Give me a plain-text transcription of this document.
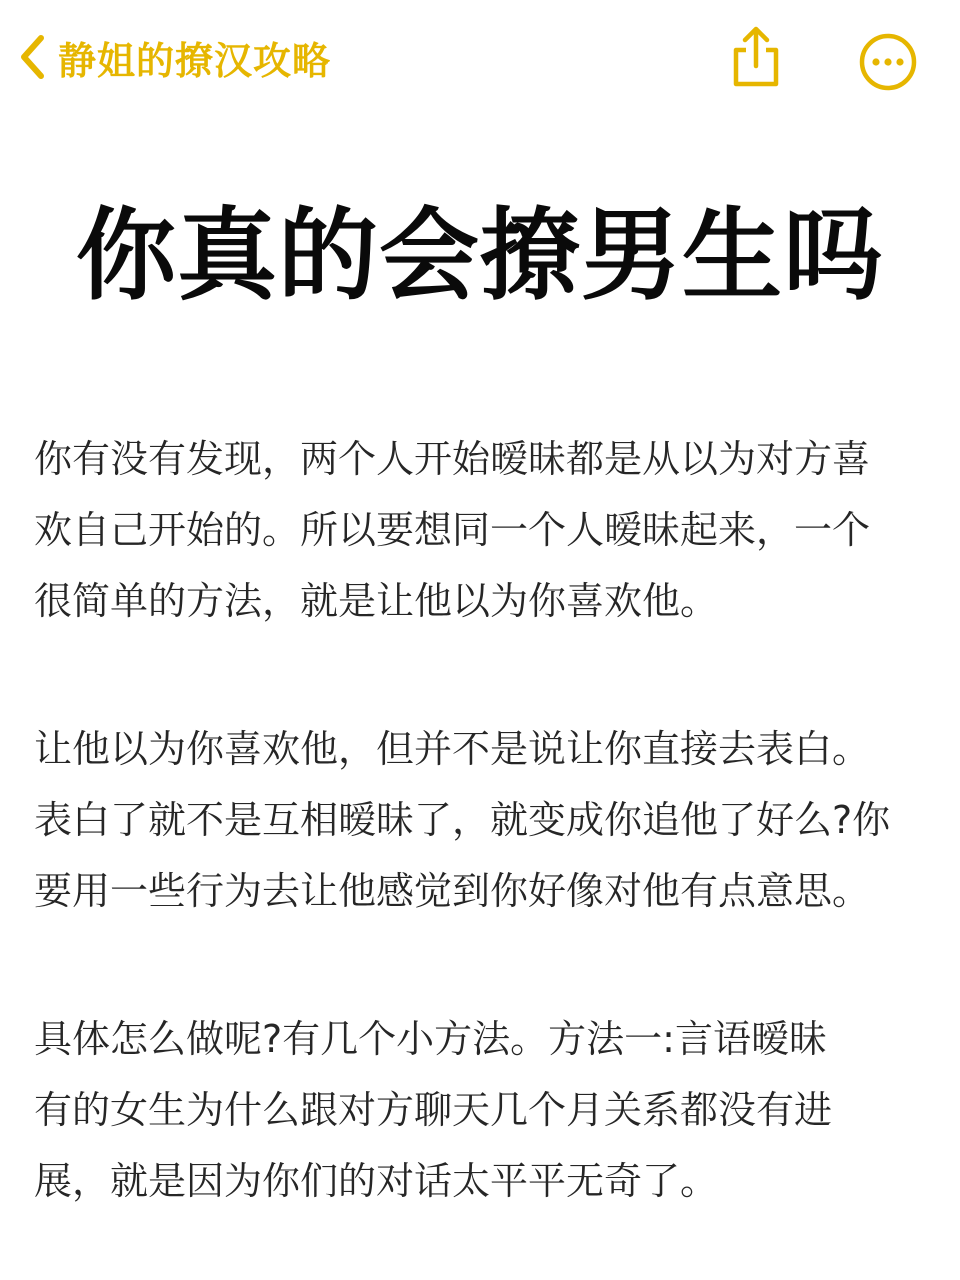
静姐的撩汉攻略
你真的会撩男生吗

你有没有发现，两个人开始暧昧都是从以为对方喜
欢自己开始的。所以要想同一个人暧昧起来，一个
很简单的方法，就是让他以为你喜欢他。

让他以为你喜欢他，但并不是说让你直接去表白。
表白了就不是互相暧昧了，就变成你追他了好么?你
要用一些行为去让他感觉到你好像对他有点意思。

具体怎么做呢?有几个小方法。方法一:言语暧昧
有的女生为什么跟对方聊天几个月关系都没有进
展，就是因为你们的对话太平平无奇了。
